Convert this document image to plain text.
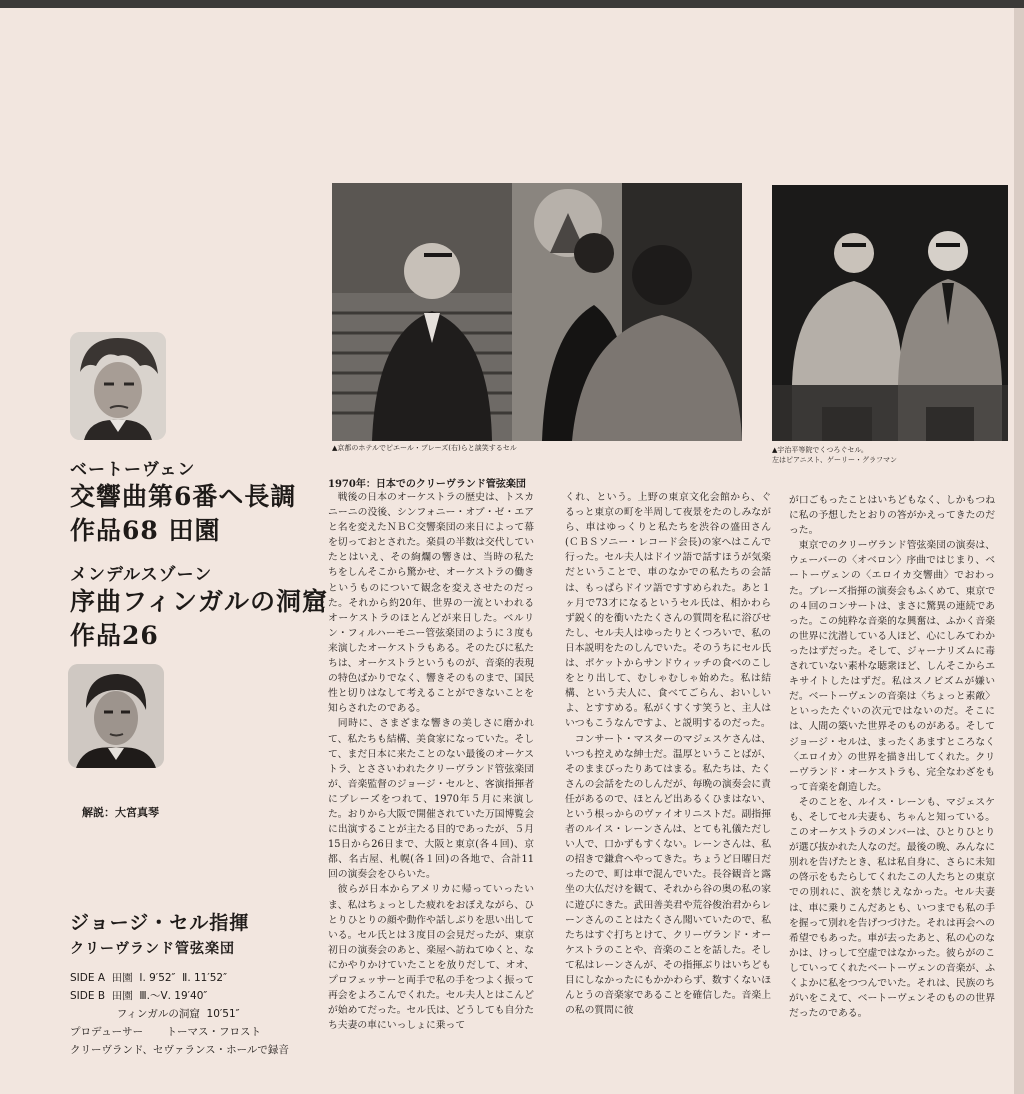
ベートーヴェン
交響曲第6番ヘ長調
作品68 田園
メンデルスゾーン
序曲フィンガルの洞窟
作品26
解説：大宮真琴
ジョージ・セル指揮
クリーヴランド管弦楽団
SIDE A  田園  Ⅰ. 9′52″  Ⅱ. 11′52″
SIDE B  田園  Ⅲ.～Ⅴ. 19′40″
フィンガルの洞窟  10′51″
プロデューサー       トーマス・フロスト
クリーヴランド、セヴァランス・ホールで録音
▲京都のホテルでピエール・ブレーズ(右)らと談笑するセル	▲宇治平等院でくつろぐセル。
左はピアニスト、ゲーリー・グラフマン
1970年：日本でのクリーヴランド管弦楽団

戦後の日本のオーケストラの歴史は、トスカニーニの没後、シンフォニー・オブ・ゼ・エアと名を変えたＮＢＣ交響楽団の来日によって幕を切っておとされた。楽員の半数は交代していたとはいえ、その絢爛の響きは、当時の私たちをしんそこから驚かせ、オーケストラの働きというものについて観念を変えさせたのだった。それから約20年、世界の一流といわれるオーケストラのほとんどが来日した。ベルリン・フィルハーモニー管弦楽団のように３度も来演したオーケストラもある。そのたびに私たちは、オーケストラというものが、音楽的表現の特色ばかりでなく、響きそのものまで、国民性と切りはなして考えることができないことを知らされたのである。

同時に、さまざまな響きの美しさに磨かれて、私たちも結構、美食家になっていた。そして、まだ日本に来たことのない最後のオーケストラ、とささいわれたクリーヴランド管弦楽団が、音楽監督のジョージ・セルと、客演指揮者にブレーズをつれて、1970年５月に来演した。おりから大阪で開催されていた万国博覧会に出演することが主たる目的であったが、５月15日から26日まで、大阪と東京(各４回)、京都、名古屋、札幌(各１回)の各地で、合計11回の演奏会をひらいた。

彼らが日本からアメリカに帰っていったいま、私はちょっとした疲れをおぼえながら、ひとりひとりの顔や動作や話しぶりを思い出している。セル氏とは３度目の会見だったが、東京初日の演奏会のあと、楽屋へ訪ねてゆくと、なにかやりかけていたことを放りだして、オオ、プロフェッサーと両手で私の手をつよく振って再会をよろこんでくれた。セル夫人とはこんどが始めてだった。セル氏は、どうしても自分たち夫妻の車にいっしょに乗って

くれ、という。上野の東京文化会館から、ぐるっと東京の町を半周して夜景をたのしみながら、車はゆっくりと私たちを渋谷の盛田さん(ＣＢＳソニー・レコード会長)の家へはこんで行った。セル夫人はドイツ語で話すほうが気楽だということで、車のなかでの私たちの会話は、もっぱらドイツ語ですすめられた。あと１ヶ月で73才になるというセル氏は、相かわらず鋭く的を衝いたたくさんの質問を私に浴びせたし、セル夫人はゆったりとくつろいで、私の日本説明をたのしんでいた。そのうちにセル氏は、ポケットからサンドウィッチの食べのこしをとり出して、むしゃむしゃ始めた。私は結構、という夫人に、食べてごらん、おいしいよ、とすすめる。私がくすくす笑うと、主人はいつもこうなんですよ、と説明するのだった。

コンサート・マスターのマジェスケさんは、いつも控えめな紳士だ。温厚ということばが、そのままぴったりあてはまる。私たちは、たくさんの会話をたのしんだが、毎晩の演奏会に責任があるので、ほとんど出あるくひまはない、という根っからのヴァイオリニストだ。副指揮者のルイス・レーンさんは、とても礼儀ただしい人で、口かずもすくない。レーンさんは、私の招きで鎌倉へやってきた。ちょうど日曜日だったので、町は車で混んでいた。長谷観音と露坐の大仏だけを観て、それから谷の奥の私の家に遊びにきた。武田善美君や荒谷俊治君からレーンさんのことはたくさん聞いていたので、私たちはすぐ打ちとけて、クリーヴランド・オーケストラのことや、音楽のことを話した。そして私はレーンさんが、その指揮ぶりはいちども目にしなかったにもかかわらず、数すくないほんとうの音楽家であることを確信した。音楽上の私の質問に彼

が口ごもったことはいちどもなく、しかもつねに私の予想したとおりの答がかえってきたのだった。

東京でのクリーヴランド管弦楽団の演奏は、ウェーバーの〈オベロン〉序曲ではじまり、ベートーヴェンの〈エロイカ交響曲〉でおわった。ブレーズ指揮の演奏会もふくめて、東京での４回のコンサートは、まさに驚異の連続であった。この純粋な音楽的な興奮は、ふかく音楽の世界に沈潜している人ほど、心にしみてわかったはずだった。そして、ジャーナリズムに毒されていない素朴な聴衆ほど、しんそこからエキサイトしたはずだ。私はスノビズムが嫌いだ。ベートーヴェンの音楽は〈ちょっと素敵〉といったたぐいの次元ではないのだ。そこには、人間の築いた世界そのものがある。そしてジョージ・セルは、まったくあますところなく〈エロイカ〉の世界を描き出してくれた。クリーヴランド・オーケストラも、完全なわざをもって音楽を創造した。

そのことを、ルイス・レーンも、マジェスケも、そしてセル夫妻も、ちゃんと知っている。このオーケストラのメンバーは、ひとりひとりが選び抜かれた人なのだ。最後の晩、みんなに別れを告げたとき、私は私自身に、さらに未知の啓示をもたらしてくれたこの人たちとの東京での別れに、涙を禁じえなかった。セル夫妻は、車に乗りこんだあとも、いつまでも私の手を握って別れを告げつづけた。それは再会への希望でもあった。車が去ったあと、私の心のなかは、けっして空虚ではなかった。彼らがのこしていってくれたベートーヴェンの音楽が、ふくよかに私をつつんでいた。それは、民族のちがいをこえて、ベートーヴェンそのものの世界だったのである。
